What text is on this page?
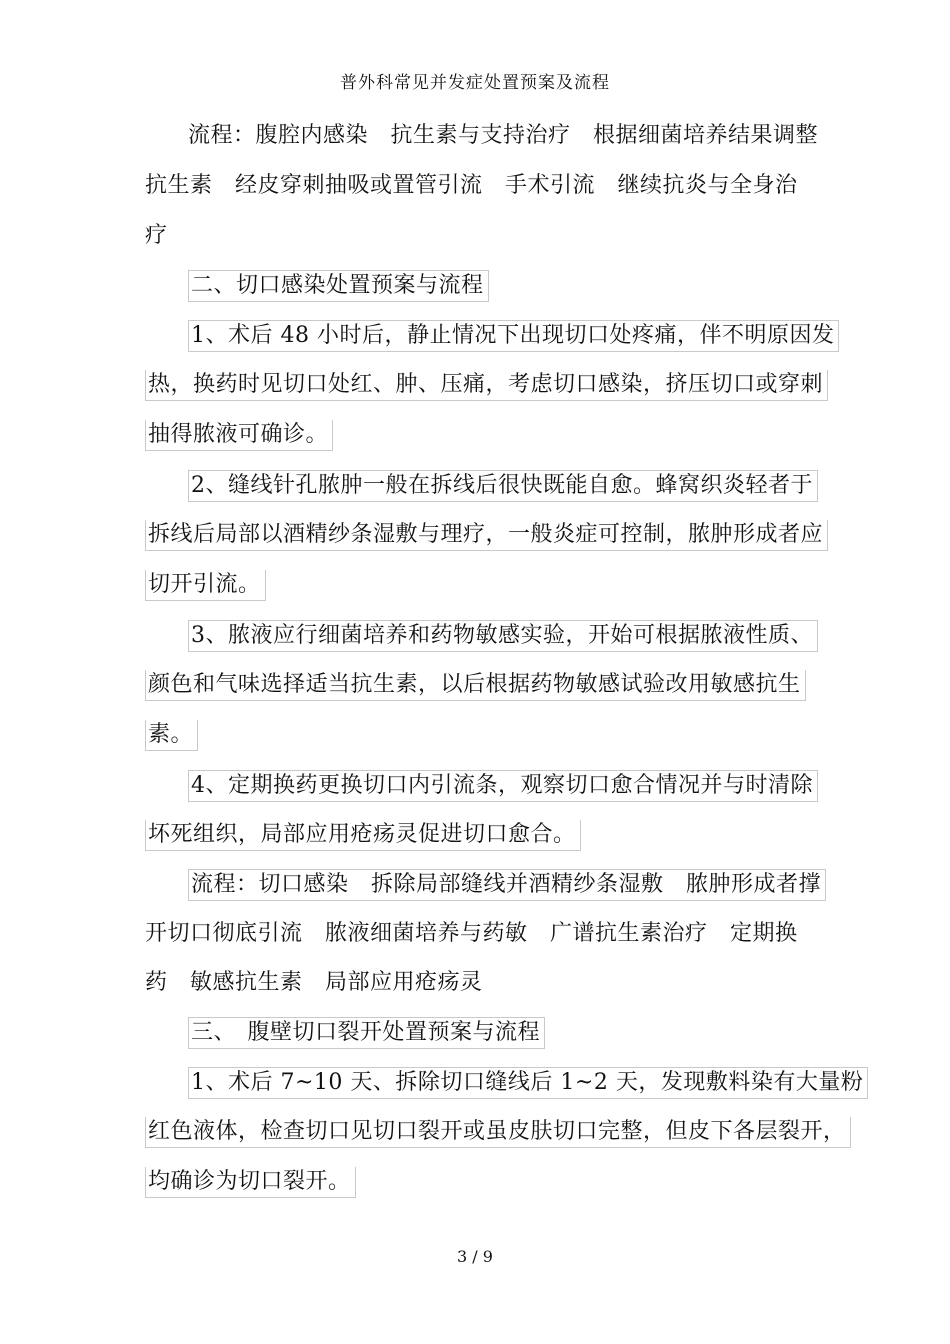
普外科常见并发症处置预案及流程
流程：腹腔内感染　抗生素与支持治疗　根据细菌培养结果调整
抗生素　经皮穿刺抽吸或置管引流　手术引流　继续抗炎与全身治
疗
二、切口感染处置预案与流程
1、术后 48 小时后，静止情况下出现切口处疼痛，伴不明原因发
热，换药时见切口处红、肿、压痛，考虑切口感染，挤压切口或穿刺
抽得脓液可确诊。
2、缝线针孔脓肿一般在拆线后很快既能自愈。蜂窝织炎轻者于
拆线后局部以酒精纱条湿敷与理疗，一般炎症可控制，脓肿形成者应
切开引流。
3、脓液应行细菌培养和药物敏感实验，开始可根据脓液性质、
颜色和气味选择适当抗生素，以后根据药物敏感试验改用敏感抗生
素。
4、定期换药更换切口内引流条，观察切口愈合情况并与时清除
坏死组织，局部应用疮疡灵促进切口愈合。
流程：切口感染　拆除局部缝线并酒精纱条湿敷　脓肿形成者撑
开切口彻底引流　脓液细菌培养与药敏　广谱抗生素治疗　定期换
药　敏感抗生素　局部应用疮疡灵
三、　腹壁切口裂开处置预案与流程
1、术后 7~10 天、拆除切口缝线后 1~2 天，发现敷料染有大量粉
红色液体，检查切口见切口裂开或虽皮肤切口完整，但皮下各层裂开，
均确诊为切口裂开。
3 / 9
